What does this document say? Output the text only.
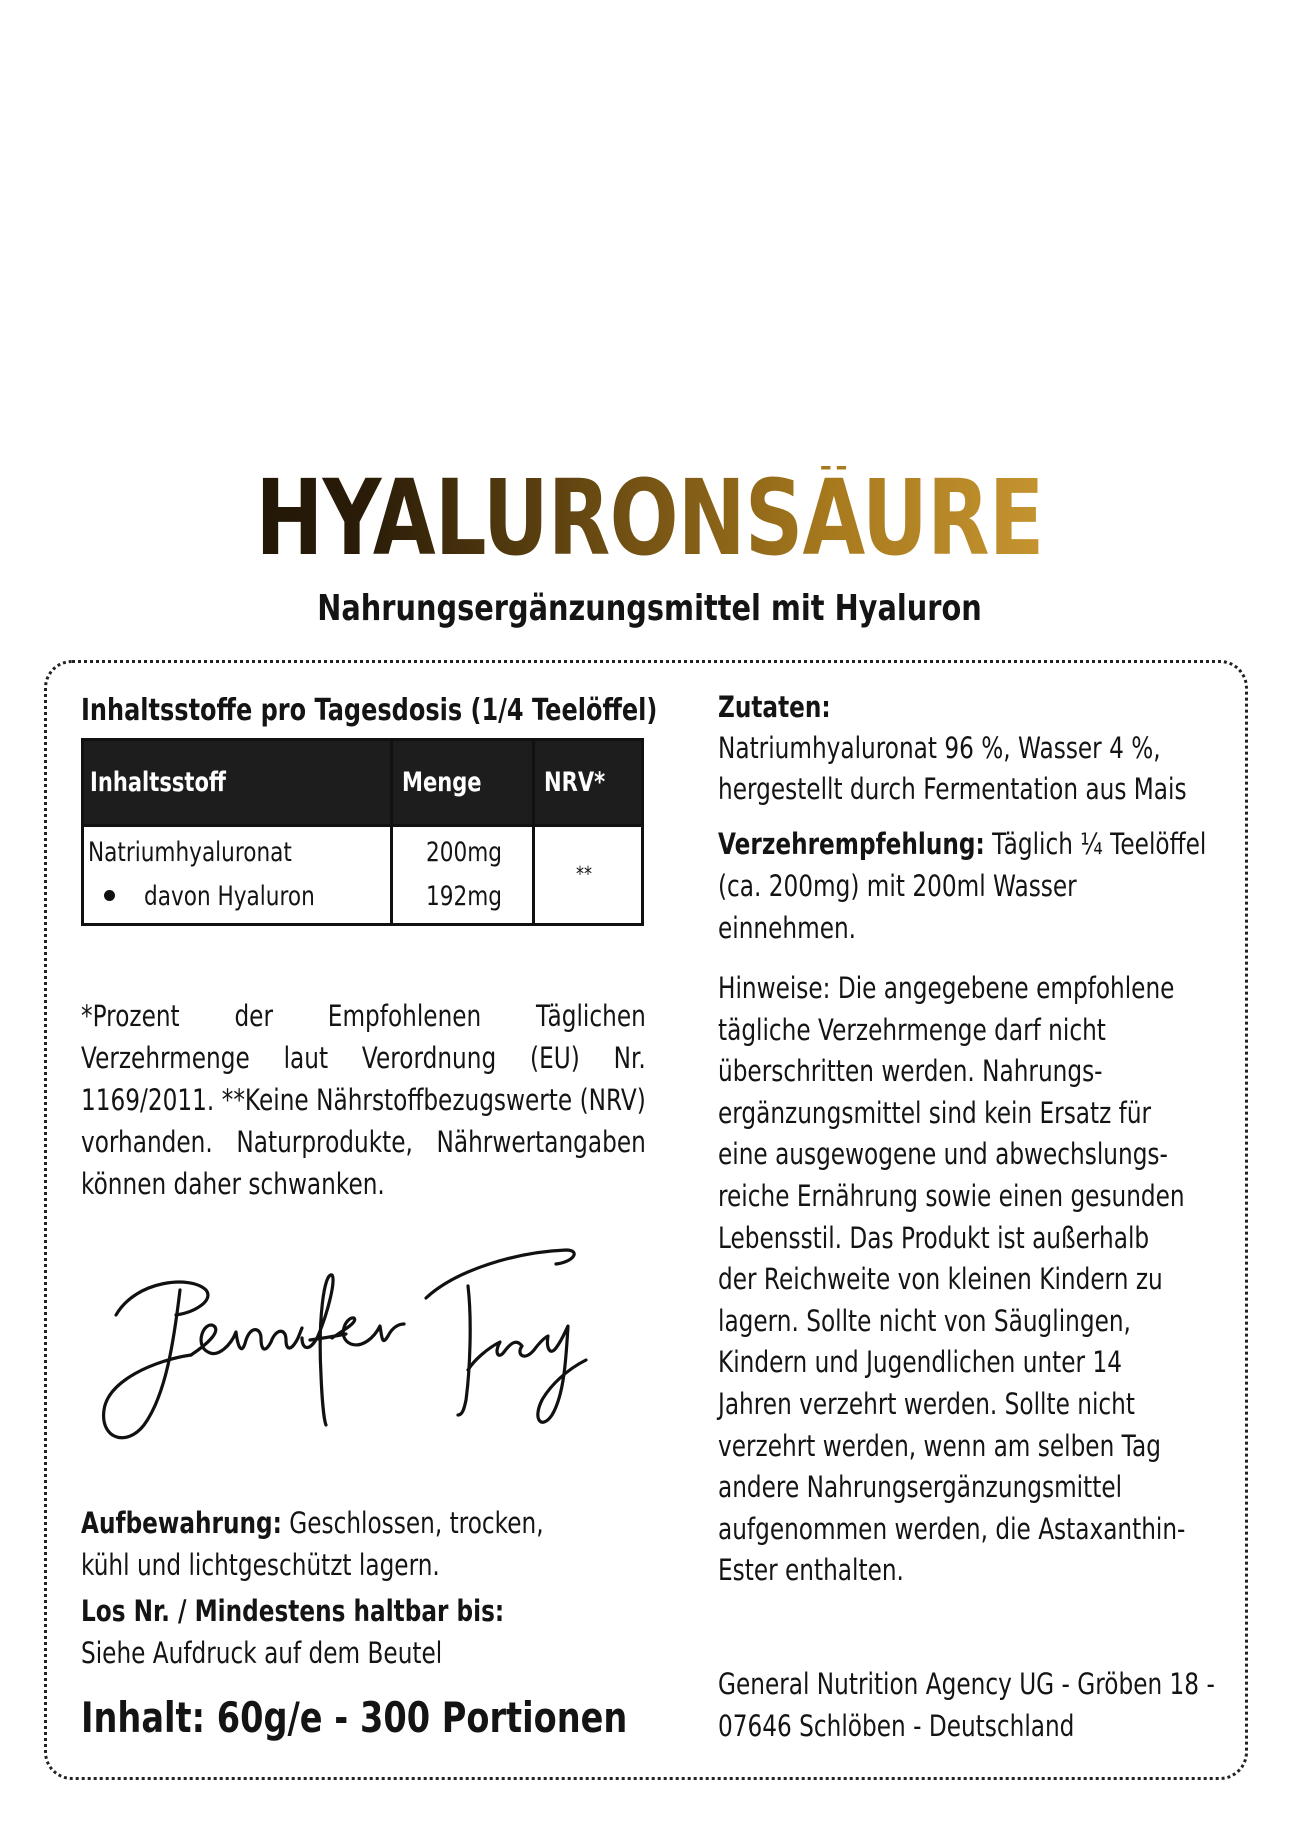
HYALURONSÄURE
Nahrungsergänzungsmittel mit Hyaluron
Inhaltsstoffe pro Tagesdosis (1/4 Teelöffel)
Inhaltsstoff	Menge NRV*
Natriumhyaluronat	200mg
davon Hyaluron	192mg
**
*Prozent der Empfohlenen Täglichen Verzehrmenge laut Verordnung (EU) Nr. 1169/2011. **Keine Nährstoffbezugswerte (NRV) vorhanden. Naturprodukte, Nährwertangaben können daher schwanken.
Aufbewahrung: Geschlossen, trocken,
kühl und lichtgeschützt lagern.
Los Nr. / Mindestens haltbar bis:
Siehe Aufdruck auf dem Beutel
Inhalt: 60g/e - 300 Portionen
Zutaten:
Natriumhyaluronat 96 %, Wasser 4 %,
hergestellt durch Fermentation aus Mais
Verzehrempfehlung: Täglich ¼ Teelöffel
(ca. 200mg) mit 200ml Wasser
einnehmen.
Hinweise: Die angegebene empfohlene
tägliche Verzehrmenge darf nicht
überschritten werden. Nahrungs-
ergänzungsmittel sind kein Ersatz für
eine ausgewogene und abwechslungs-
reiche Ernährung sowie einen gesunden
Lebensstil. Das Produkt ist außerhalb
der Reichweite von kleinen Kindern zu
lagern. Sollte nicht von Säuglingen,
Kindern und Jugendlichen unter 14
Jahren verzehrt werden. Sollte nicht
verzehrt werden, wenn am selben Tag
andere Nahrungsergänzungsmittel
aufgenommen werden, die Astaxanthin-
Ester enthalten.
General Nutrition Agency UG - Gröben 18 -
07646 Schlöben - Deutschland
